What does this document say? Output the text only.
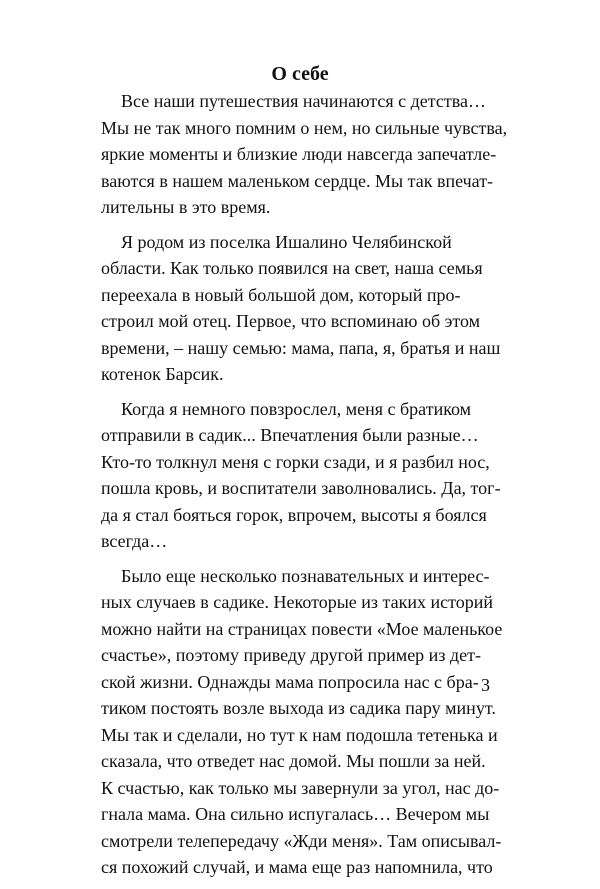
О себе
Все наши путешествия начинаются с детства…
Мы не так много помним о нем, но сильные чувства,
яркие моменты и близкие люди навсегда запечатле-
ваются в нашем маленьком сердце. Мы так впечат-
лительны в это время.
Я родом из поселка Ишалино Челябинской
области. Как только появился на свет, наша семья
переехала в новый большой дом, который про-
строил мой отец. Первое, что вспоминаю об этом
времени, – нашу семью: мама, папа, я, братья и наш
котенок Барсик.
Когда я немного повзрослел, меня с братиком
отправили в садик... Впечатления были разные…
Кто-то толкнул меня с горки сзади, и я разбил нос,
пошла кровь, и воспитатели заволновались. Да, тог-
да я стал бояться горок, впрочем, высоты я боялся
всегда…
Было еще несколько познавательных и интерес-
ных случаев в садике. Некоторые из таких историй
можно найти на страницах повести «Мое маленькое
счастье», поэтому приведу другой пример из дет-
ской жизни. Однажды мама попросила нас с бра-
тиком постоять возле выхода из садика пару минут.
Мы так и сделали, но тут к нам подошла тетенька и
сказала, что отведет нас домой. Мы пошли за ней.
К счастью, как только мы завернули за угол, нас до-
гнала мама. Она сильно испугалась… Вечером мы
смотрели телепередачу «Жди меня». Там описывал-
ся похожий случай, и мама еще раз напомнила, что
3
